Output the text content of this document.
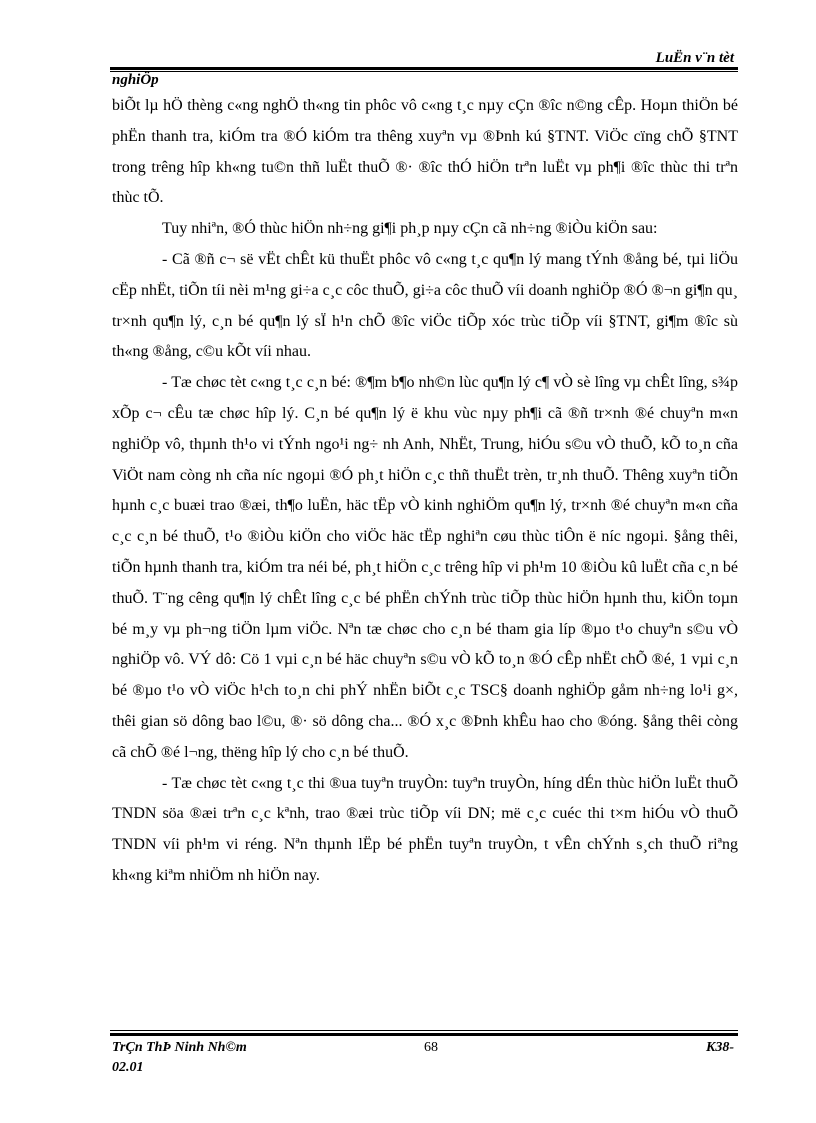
LuËn v¨n tèt
nghiÖp

biÕt lµ hÖ thèng c«ng nghÖ th«ng tin phôc vô c«ng t¸c nµy cÇn ®îc n©ng cÊp. Hoµn thiÖn bé phËn thanh tra, kiÓm tra ®Ó kiÓm tra thêng xuyªn vµ ®Þnh kú §TNT. ViÖc cïng chÕ §TNT trong trêng hîp kh«ng tu©n thñ luËt thuÕ ®· ®îc thÓ hiÖn trªn luËt vµ ph¶i ®îc thùc thi trªn thùc tÕ.

Tuy nhiªn, ®Ó thùc hiÖn nh÷ng gi¶i ph¸p nµy cÇn cã nh÷ng ®iÒu kiÖn sau:

- Cã ®ñ c¬ së vËt chÊt kü thuËt phôc vô c«ng t¸c qu¶n lý mang tÝnh ®ång bé, tµi liÖu cËp nhËt, tiÕn tíi nèi m¹ng gi÷a c¸c côc thuÕ, gi÷a côc thuÕ víi doanh nghiÖp ®Ó ®¬n gi¶n qu¸ tr×nh qu¶n lý, c¸n bé qu¶n lý sÏ h¹n chÕ ®îc viÖc tiÕp xóc trùc tiÕp víi §TNT, gi¶m ®îc sù th«ng ®ång, c©u kÕt víi nhau.

- Tæ chøc tèt c«ng t¸c c¸n bé: ®¶m b¶o nh©n lùc qu¶n lý c¶ vÒ sè lîng vµ chÊt lîng, s¾p xÕp c¬ cÊu tæ chøc hîp lý. C¸n bé qu¶n lý ë khu vùc nµy ph¶i cã ®ñ tr×nh ®é chuyªn m«n nghiÖp vô, thµnh th¹o vi tÝnh ngo¹i ng÷ nh Anh, NhËt, Trung, hiÓu s©u vÒ thuÕ, kÕ to¸n cña ViÖt nam còng nh cña níc ngoµi ®Ó ph¸t hiÖn c¸c thñ thuËt trèn, tr¸nh thuÕ. Thêng xuyªn tiÕn hµnh c¸c buæi trao ®æi, th¶o luËn, häc tËp vÒ kinh nghiÖm qu¶n lý, tr×nh ®é chuyªn m«n cña c¸c c¸n bé thuÕ, t¹o ®iÒu kiÖn cho viÖc häc tËp nghiªn cøu thùc tiÔn ë níc ngoµi. §ång thêi, tiÕn hµnh thanh tra, kiÓm tra néi bé, ph¸t hiÖn c¸c trêng hîp vi ph¹m 10 ®iÒu kû luËt cña c¸n bé thuÕ. T¨ng cêng qu¶n lý chÊt lîng c¸c bé phËn chÝnh trùc tiÕp thùc hiÖn hµnh thu, kiÖn toµn bé m¸y vµ ph¬ng tiÖn lµm viÖc. Nªn tæ chøc cho c¸n bé tham gia líp ®µo t¹o chuyªn s©u vÒ nghiÖp vô. VÝ dô: Cö 1 vµi c¸n bé häc chuyªn s©u vÒ kÕ to¸n ®Ó cÊp nhËt chÕ ®é, 1 vµi c¸n bé ®µo t¹o vÒ viÖc h¹ch to¸n chi phÝ nhËn biÕt c¸c TSC§ doanh nghiÖp gåm nh÷ng lo¹i g×, thêi gian sö dông bao l©u, ®· sö dông cha... ®Ó x¸c ®Þnh khÊu hao cho ®óng. §ång thêi còng cã chÕ ®é l¬ng, thëng hîp lý cho c¸n bé thuÕ.

- Tæ chøc tèt c«ng t¸c thi ®ua tuyªn truyÒn: tuyªn truyÒn, híng dÉn thùc hiÖn luËt thuÕ TNDN söa ®æi trªn c¸c kªnh, trao ®æi trùc tiÕp víi DN; më c¸c cuéc thi t×m hiÓu vÒ thuÕ TNDN víi ph¹m vi réng. Nªn thµnh lËp bé phËn tuyªn truyÒn, t vÊn chÝnh s¸ch thuÕ riªng kh«ng kiªm nhiÖm nh hiÖn nay.

TrÇn ThÞ Ninh Nh©m	68	K38-
02.01
